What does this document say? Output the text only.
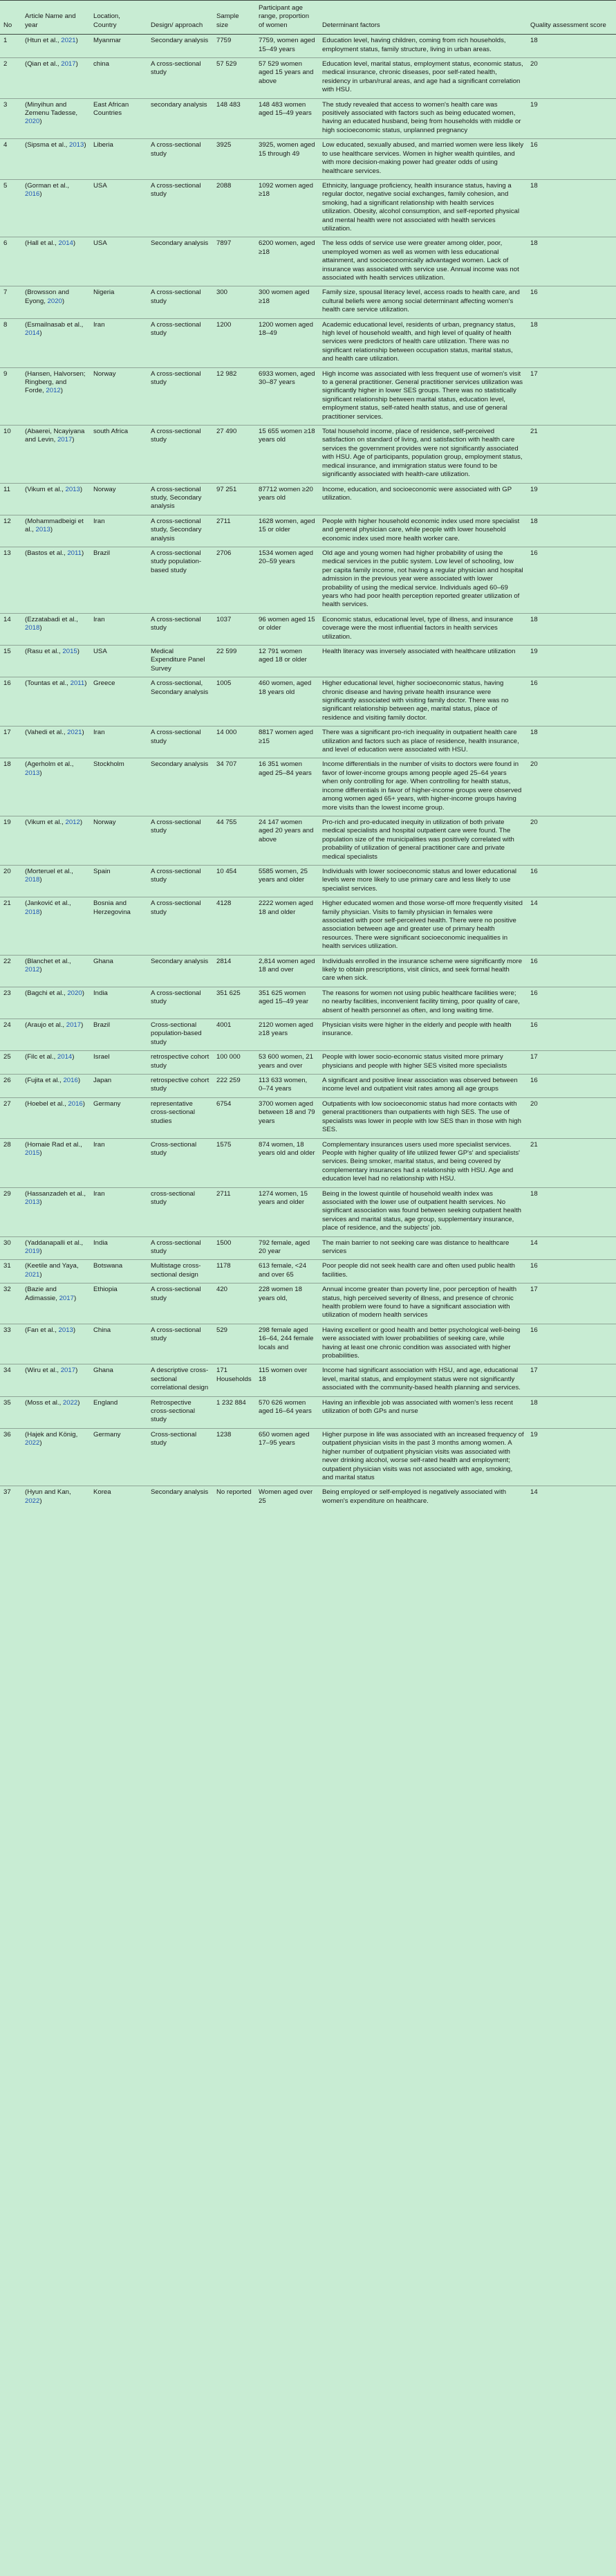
No	Article Name and year	Location, Country	Design/ approach	Sample size	Participant age range, proportion of women	Determinant factors	Quality assessment score
1	(Htun et al., 2021)	Myanmar	Secondary analysis	7759	7759, women aged 15–49 years	Education level, having children, coming from rich households, employment status, family structure, living in urban areas.	18
2	(Qian et al., 2017)	china	A cross-sectional study	57 529	57 529 women aged 15 years and above	Education level, marital status, employment status, economic status, medical insurance, chronic diseases, poor self-rated health, residency in urban/rural areas, and age had a significant correlation with HSU.	20
3	(Minyihun and Zemenu Tadesse, 2020)	East African Countries	secondary analysis	148 483	148 483 women aged 15–49 years	The study revealed that access to women's health care was positively associated with factors such as being educated women, having an educated husband, being from households with middle or high socioeconomic status, unplanned pregnancy	19
4	(Sipsma et al., 2013)	Liberia	A cross-sectional study	3925	3925, women aged 15 through 49	Low educated, sexually abused, and married women were less likely to use healthcare services. Women in higher wealth quintiles, and with more decision-making power had greater odds of using healthcare services.	16
5	(Gorman et al., 2016)	USA	A cross-sectional study	2088	1092 women aged ≥18	Ethnicity, language proficiency, health insurance status, having a regular doctor, negative social exchanges, family cohesion, and smoking, had a significant relationship with health services utilization. Obesity, alcohol consumption, and self-reported physical and mental health were not associated with health services utilization.	18
6	(Hall et al., 2014)	USA	Secondary analysis	7897	6200 women, aged ≥18	The less odds of service use were greater among older, poor, unemployed women as well as women with less educational attainment, and socioeconomically advantaged women. Lack of insurance was associated with service use. Annual income was not associated with health services utilization.	18
7	(Browsson and Eyong, 2020)	Nigeria	A cross-sectional study	300	300 women aged ≥18	Family size, spousal literacy level, access roads to health care, and cultural beliefs were among social determinant affecting women's health care service utilization.	16
8	(Esmailnasab et al., 2014)	Iran	A cross-sectional study	1200	1200 women aged 18–49	Academic educational level, residents of urban, pregnancy status, high level of household wealth, and high level of quality of health services were predictors of health care utilization. There was no significant relationship between occupation status, marital status, and health care utilization.	18
9	(Hansen, Halvorsen; Ringberg, and Forde, 2012)	Norway	A cross-sectional study	12 982	6933 women, aged 30–87 years	High income was associated with less frequent use of women's visit to a general practitioner. General practitioner services utilization was significantly higher in lower SES groups. There was no statistically significant relationship between marital status, education level, employment status, self-rated health status, and use of general practitioner services.	17
10	(Abaerei, Ncayiyana and Levin, 2017)	south Africa	A cross-sectional study	27 490	15 655 women ≥18 years old	Total household income, place of residence, self-perceived satisfaction on standard of living, and satisfaction with health care services the government provides were not significantly associated with HSU. Age of participants, population group, employment status, medical insurance, and immigration status were found to be significantly associated with health-care utilization.	21
11	(Vikum et al., 2013)	Norway	A cross-sectional study, Secondary analysis	97 251	87712 women ≥20 years old	Income, education, and socioeconomic were associated with GP utilization.	19
12	(Mohammadbeigi et al., 2013)	Iran	A cross-sectional study, Secondary analysis	2711	1628 women, aged 15 or older	People with higher household economic index used more specialist and general physician care, while people with lower household economic index used more health worker care.	18
13	(Bastos et al., 2011)	Brazil	A cross-sectional study population-based study	2706	1534 women aged 20–59 years	Old age and young women had higher probability of using the medical services in the public system. Low level of schooling, low per capita family income, not having a regular physician and hospital admission in the previous year were associated with lower probability of using the medical service. Individuals aged 60–69 years who had poor health perception reported greater utilization of health services.	16
14	(Ezzatabadi et al., 2018)	Iran	A cross-sectional study	1037	96 women aged 15 or older	Economic status, educational level, type of illness, and insurance coverage were the most influential factors in health services utilization.	18
15	(Rasu et al., 2015)	USA	Medical Expenditure Panel Survey	22 599	12 791 women aged 18 or older	Health literacy was inversely associated with healthcare utilization	19
16	(Tountas et al., 2011)	Greece	A cross-sectional, Secondary analysis	1005	460 women, aged 18 years old	Higher educational level, higher socioeconomic status, having chronic disease and having private health insurance were significantly associated with visiting family doctor. There was no significant relationship between age, marital status, place of residence and visiting family doctor.	16
17	(Vahedi et al., 2021)	Iran	A cross-sectional study	14 000	8817 women aged ≥15	There was a significant pro-rich inequality in outpatient health care utilization and factors such as place of residence, health insurance, and level of education were associated with HSU.	18
18	(Agerholm et al., 2013)	Stockholm	Secondary analysis	34 707	16 351 women aged 25–84 years	Income differentials in the number of visits to doctors were found in favor of lower-income groups among people aged 25–64 years when only controlling for age. When controlling for health status, income differentials in favor of higher-income groups were observed among women aged 65+ years, with higher-income groups having more visits than the lowest income group.	20
19	(Vikum et al., 2012)	Norway	A cross-sectional study	44 755	24 147 women aged 20 years and above	Pro-rich and pro-educated inequity in utilization of both private medical specialists and hospital outpatient care were found. The population size of the municipalities was positively correlated with probability of utilization of general practitioner care and private medical specialists	20
20	(Morteruel et al., 2018)	Spain	A cross-sectional study	10 454	5585 women, 25 years and older	Individuals with lower socioeconomic status and lower educational levels were more likely to use primary care and less likely to use specialist services.	16
21	(Janković et al., 2018)	Bosnia and Herzegovina	A cross-sectional study	4128	2222 women aged 18 and older	Higher educated women and those worse-off more frequently visited family physician. Visits to family physician in females were associated with poor self-perceived health. There were no positive association between age and greater use of primary health resources. There were significant socioeconomic inequalities in health services utilization.	14
22	(Blanchet et al., 2012)	Ghana	Secondary analysis	2814	2,814 women aged 18 and over	Individuals enrolled in the insurance scheme were significantly more likely to obtain prescriptions, visit clinics, and seek formal health care when sick.	16
23	(Bagchi et al., 2020)	India	A cross-sectional study	351 625	351 625 women aged 15–49 year	The reasons for women not using public healthcare facilities were; no nearby facilities, inconvenient facility timing, poor quality of care, absent of health personnel as often, and long waiting time.	16
24	(Araujo et al., 2017)	Brazil	Cross-sectional population-based study	4001	2120 women aged ≥18 years	Physician visits were higher in the elderly and people with health insurance.	16
25	(Filc et al., 2014)	Israel	retrospective cohort study	100 000	53 600 women, 21 years and over	People with lower socio-economic status visited more primary physicians and people with higher SES visited more specialists	17
26	(Fujita et al., 2016)	Japan	retrospective cohort study	222 259	113 633 women, 0–74 years	A significant and positive linear association was observed between income level and outpatient visit rates among all age groups	16
27	(Hoebel et al., 2016)	Germany	representative cross-sectional studies	6754	3700 women aged between 18 and 79 years	Outpatients with low socioeconomic status had more contacts with general practitioners than outpatients with high SES. The use of specialists was lower in people with low SES than in those with high SES.	20
28	(Homaie Rad et al., 2015)	Iran	Cross-sectional study	1575	874 women, 18 years old and older	Complementary insurances users used more specialist services. People with higher quality of life utilized fewer GP's' and specialists' services. Being smoker, marital status, and being covered by complementary insurances had a relationship with HSU. Age and education level had no relationship with HSU.	21
29	(Hassanzadeh et al., 2013)	Iran	cross-sectional study	2711	1274 women, 15 years and older	Being in the lowest quintile of household wealth index was associated with the lower use of outpatient health services. No significant association was found between seeking outpatient health services and marital status, age group, supplementary insurance, place of residence, and the subjects' job.	18
30	(Yaddanapalli et al., 2019)	India	A cross-sectional study	1500	792 female, aged 20 year	The main barrier to not seeking care was distance to healthcare services	14
31	(Keetile and Yaya, 2021)	Botswana	Multistage cross-sectional design	1178	613 female, <24 and over 65	Poor people did not seek health care and often used public health facilities.	16
32	(Bazie and Adimassie, 2017)	Ethiopia	A cross-sectional study	420	228 women 18 years old,	Annual income greater than poverty line, poor perception of health status, high perceived severity of illness, and presence of chronic health problem were found to have a significant association with utilization of modern health services	17
33	(Fan et al., 2013)	China	A cross-sectional study	529	298 female aged 16–64, 244 female locals and	Having excellent or good health and better psychological well-being were associated with lower probabilities of seeking care, while having at least one chronic condition was associated with higher probabilities.	16
34	(Wiru et al., 2017)	Ghana	A descriptive cross-sectional correlational design	171 Households	115 women over 18	Income had significant association with HSU, and age, educational level, marital status, and employment status were not significantly associated with the community-based health planning and services.	17
35	(Moss et al., 2022)	England	Retrospective cross-sectional study	1 232 884	570 626 women aged 16–64 years	Having an inflexible job was associated with women's less recent utilization of both GPs and nurse	18
36	(Hajek and König, 2022)	Germany	Cross-sectional study	1238	650 women aged 17–95 years	Higher purpose in life was associated with an increased frequency of outpatient physician visits in the past 3 months among women. A higher number of outpatient physician visits was associated with never drinking alcohol, worse self-rated health and employment; outpatient physician visits was not associated with age, smoking, and marital status	19
37	(Hyun and Kan, 2022)	Korea	Secondary analysis	No reported	Women aged over 25	Being employed or self-employed is negatively associated with women's expenditure on healthcare.	14
